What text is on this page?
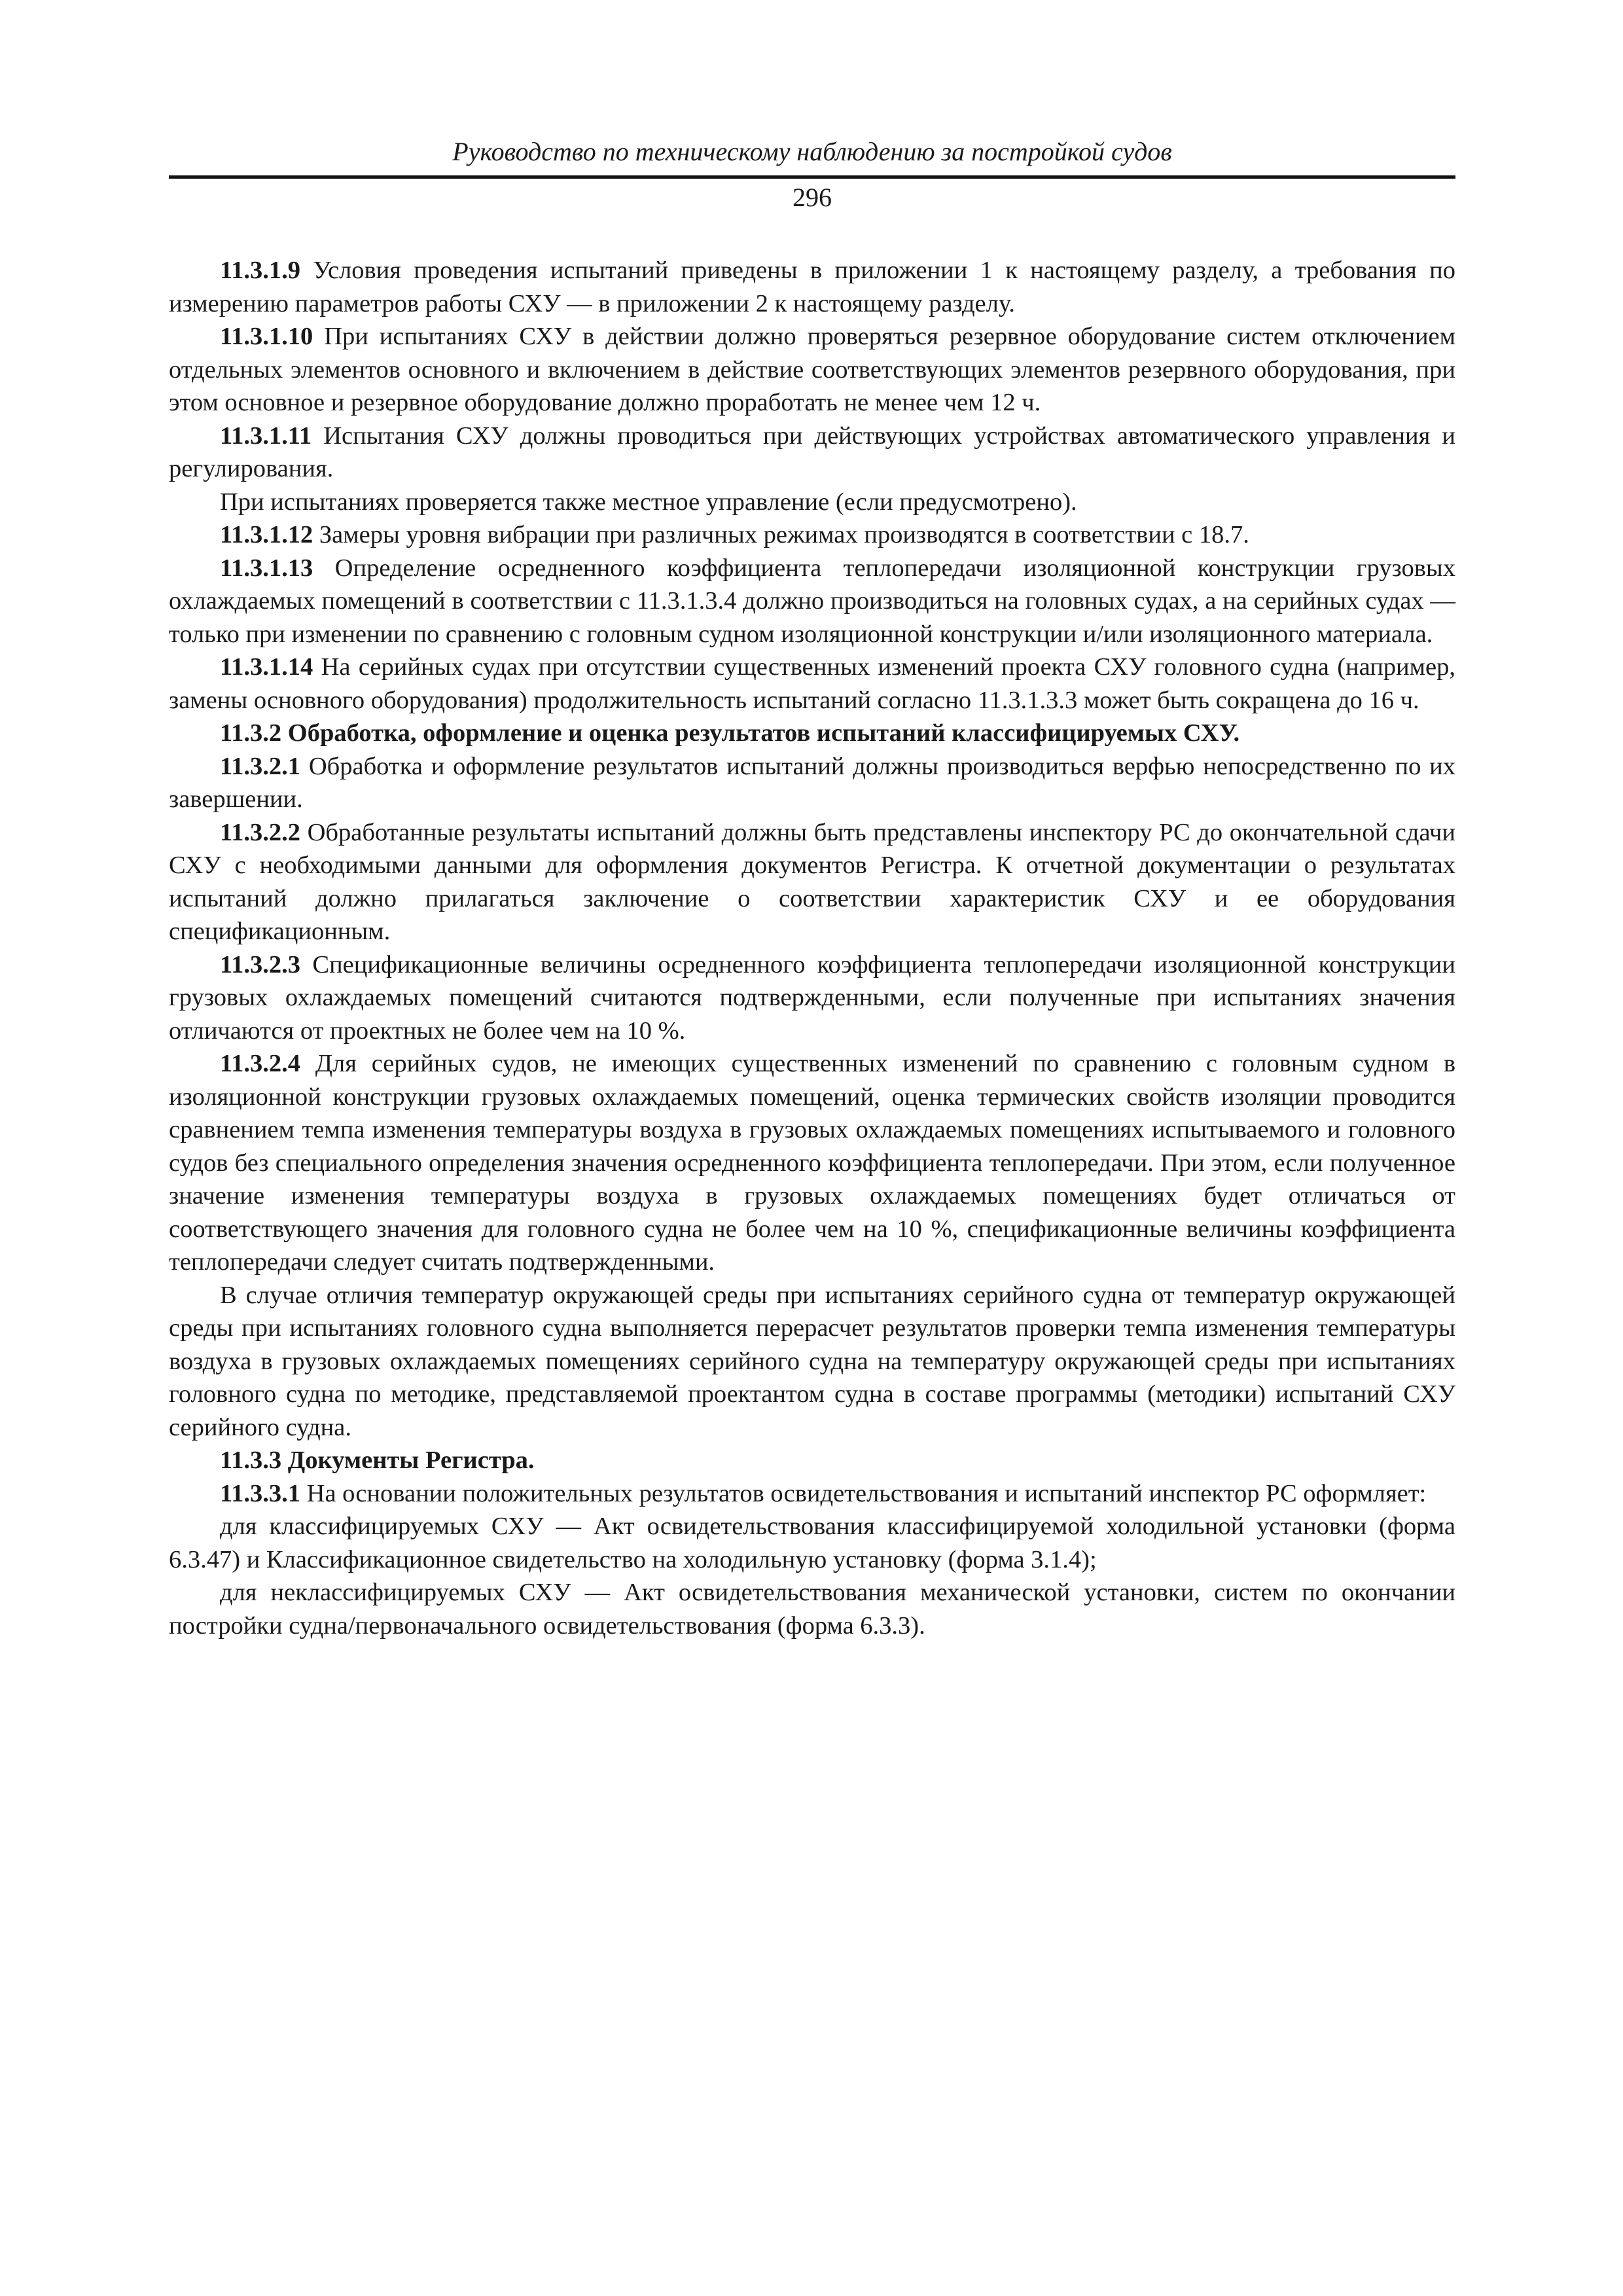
Руководство по техническому наблюдению за постройкой судов
296

11.3.1.9 Условия проведения испытаний приведены в приложении 1 к настоящему разделу, а требования по измерению параметров работы СХУ — в приложении 2 к настоящему разделу.

11.3.1.10 При испытаниях СХУ в действии должно проверяться резервное оборудование систем отключением отдельных элементов основного и включением в действие соответствующих элементов резервного оборудования, при этом основное и резервное оборудование должно проработать не менее чем 12 ч.

11.3.1.11 Испытания СХУ должны проводиться при действующих устройствах автоматического управления и регулирования.

При испытаниях проверяется также местное управление (если предусмотрено).

11.3.1.12 Замеры уровня вибрации при различных режимах производятся в соответствии с 18.7.

11.3.1.13 Определение осредненного коэффициента теплопередачи изоляционной конструкции грузовых охлаждаемых помещений в соответствии с 11.3.1.3.4 должно производиться на головных судах, а на серийных судах — только при изменении по сравнению с головным судном изоляционной конструкции и/или изоляционного материала.

11.3.1.14 На серийных судах при отсутствии существенных изменений проекта СХУ головного судна (например, замены основного оборудования) продолжительность испытаний согласно 11.3.1.3.3 может быть сокращена до 16 ч.

11.3.2 Обработка, оформление и оценка результатов испытаний классифицируемых СХУ.

11.3.2.1 Обработка и оформление результатов испытаний должны производиться верфью непосредственно по их завершении.

11.3.2.2 Обработанные результаты испытаний должны быть представлены инспектору РС до окончательной сдачи СХУ с необходимыми данными для оформления документов Регистра. К отчетной документации о результатах испытаний должно прилагаться заключение о соответствии характеристик СХУ и ее оборудования спецификационным.

11.3.2.3 Спецификационные величины осредненного коэффициента теплопередачи изоляционной конструкции грузовых охлаждаемых помещений считаются подтвержденными, если полученные при испытаниях значения отличаются от проектных не более чем на 10 %.

11.3.2.4 Для серийных судов, не имеющих существенных изменений по сравнению с головным судном в изоляционной конструкции грузовых охлаждаемых помещений, оценка термических свойств изоляции проводится сравнением темпа изменения температуры воздуха в грузовых охлаждаемых помещениях испытываемого и головного судов без специального определения значения осредненного коэффициента теплопередачи. При этом, если полученное значение изменения температуры воздуха в грузовых охлаждаемых помещениях будет отличаться от соответствующего значения для головного судна не более чем на 10 %, спецификационные величины коэффициента теплопередачи следует считать подтвержденными.

В случае отличия температур окружающей среды при испытаниях серийного судна от температур окружающей среды при испытаниях головного судна выполняется перерасчет результатов проверки темпа изменения температуры воздуха в грузовых охлаждаемых помещениях серийного судна на температуру окружающей среды при испытаниях головного судна по методике, представляемой проектантом судна в составе программы (методики) испытаний СХУ серийного судна.

11.3.3 Документы Регистра.

11.3.3.1 На основании положительных результатов освидетельствования и испытаний инспектор РС оформляет:

для классифицируемых СХУ — Акт освидетельствования классифицируемой холодильной установки (форма 6.3.47) и Классификационное свидетельство на холодильную установку (форма 3.1.4);

для неклассифицируемых СХУ — Акт освидетельствования механической установки, систем по окончании постройки судна/первоначального освидетельствования (форма 6.3.3).
